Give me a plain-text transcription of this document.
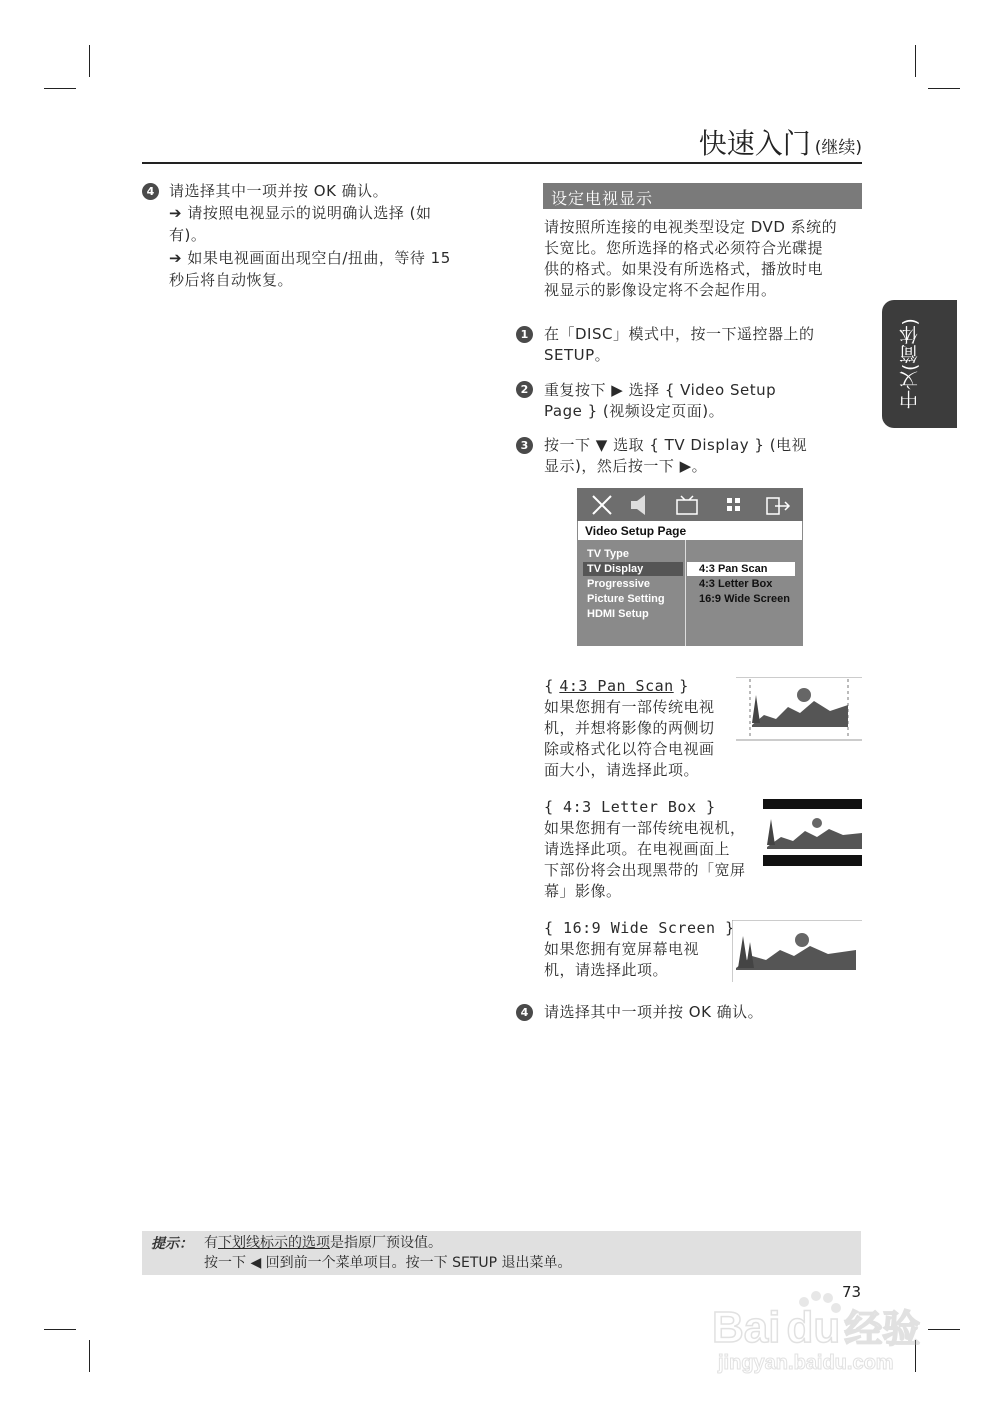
快速入门 (继续)
中文(简体)
4 请选择其中一项并按 OK 确认。
➔ 请按照电视显示的说明确认选择 (如
有)。
➔ 如果电视画面出现空白/扭曲，等待 15
秒后将自动恢复。
设定电视显示
请按照所连接的电视类型设定 DVD 系统的
长宽比。您所选择的格式必须符合光碟提
供的格式。如果没有所选格式，播放时电
视显示的影像设定将不会起作用。
1	在「DISC」模式中，按一下遥控器上的
SETUP。
2	重复按下 ▶ 选择 { Video Setup
Page } (视频设定页面)。
3	按一下 ▼ 选取 { TV Display } (电视
显示)，然后按一下 ▶。
Video Setup Page
TV Type
TV Display
Progressive
Picture Setting
HDMI Setup
4:3 Pan Scan
4:3 Letter Box
16:9 Wide Screen
{ 4:3 Pan Scan }
如果您拥有一部传统电视
机，并想将影像的两侧切
除或格式化以符合电视画
面大小，请选择此项。
{ 4:3 Letter Box }
如果您拥有一部传统电视机，
请选择此项。在电视画面上
下部份将会出现黑带的「宽屏
幕」影像。
{ 16:9 Wide Screen }
如果您拥有宽屏幕电视
机，请选择此项。
4	请选择其中一项并按 OK 确认。
提示： 有下划线标示的选项是指原厂预设值。
按一下 ◀ 回到前一个菜单项目。按一下 SETUP 退出菜单。
73
Bai du 经验
jingyan.baidu.com
